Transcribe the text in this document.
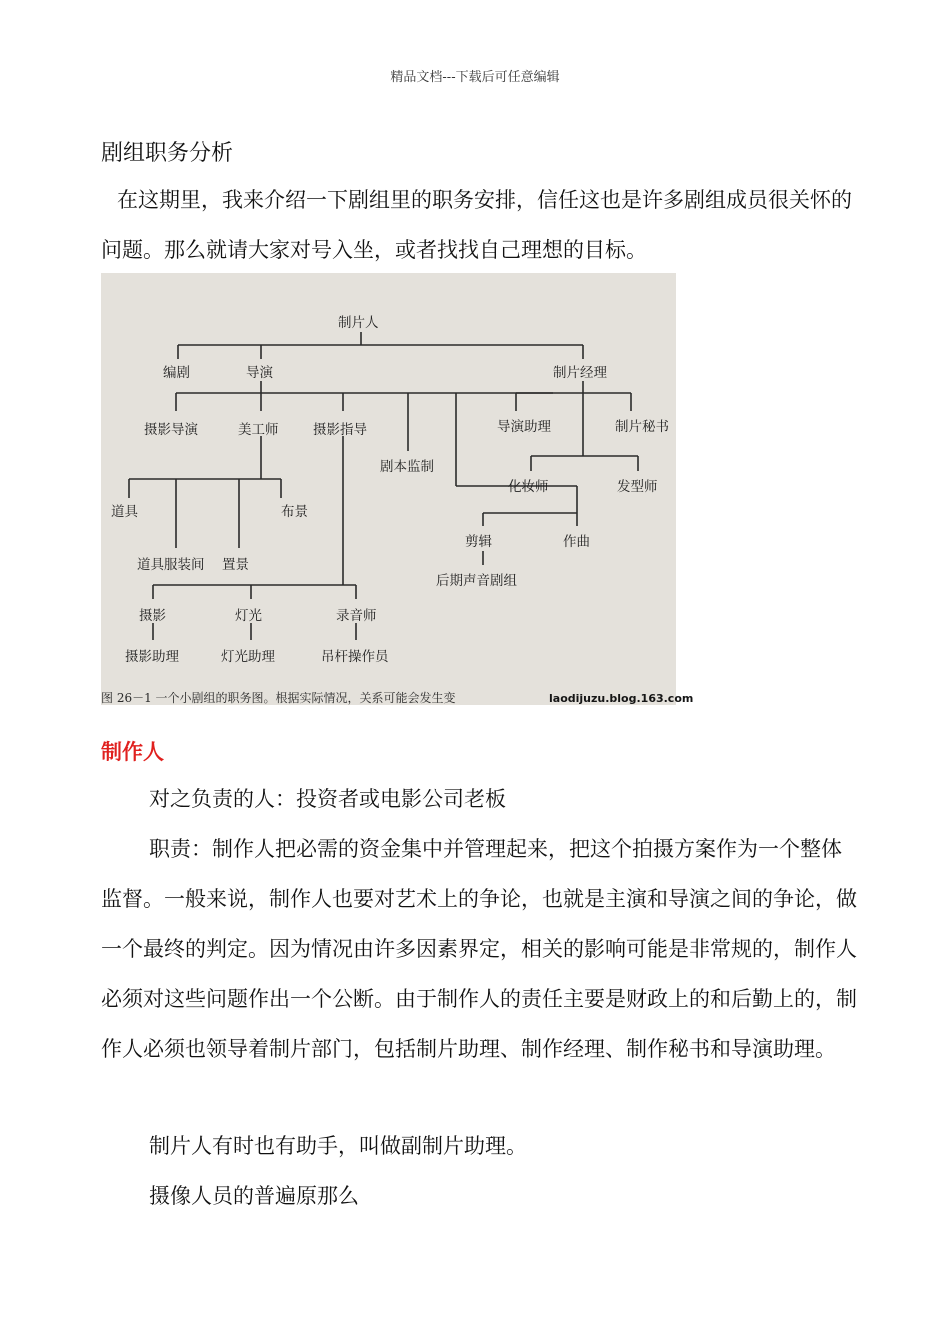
精品文档---下载后可任意编辑
剧组职务分析

在这期里，我来介绍一下剧组里的职务安排，信任这也是许多剧组成员很关怀的问题。那么就请大家对号入坐，或者找找自己理想的目标。

制片人
编剧	导演	制片经理
摄影导演	美工师	摄影指导
剧本监制
导演助理	制片秘书
化妆师	发型师
道具	布景
道具服装间 置景
剪辑	作曲
后期声音剧组
摄影	灯光	录音师
摄影助理	灯光助理	吊杆操作员
图 26－1 一个小剧组的职务图。根据实际情况，关系可能会发生变	laodijuzu.blog.163.com
制作人

对之负责的人：投资者或电影公司老板

职责：制作人把必需的资金集中并管理起来，把这个拍摄方案作为一个整体监督。一般来说，制作人也要对艺术上的争论，也就是主演和导演之间的争论，做一个最终的判定。因为情况由许多因素界定，相关的影响可能是非常规的，制作人必须对这些问题作出一个公断。由于制作人的责任主要是财政上的和后勤上的，制作人必须也领导着制片部门，包括制片助理、制作经理、制作秘书和导演助理。

制片人有时也有助手，叫做副制片助理。

摄像人员的普遍原那么
